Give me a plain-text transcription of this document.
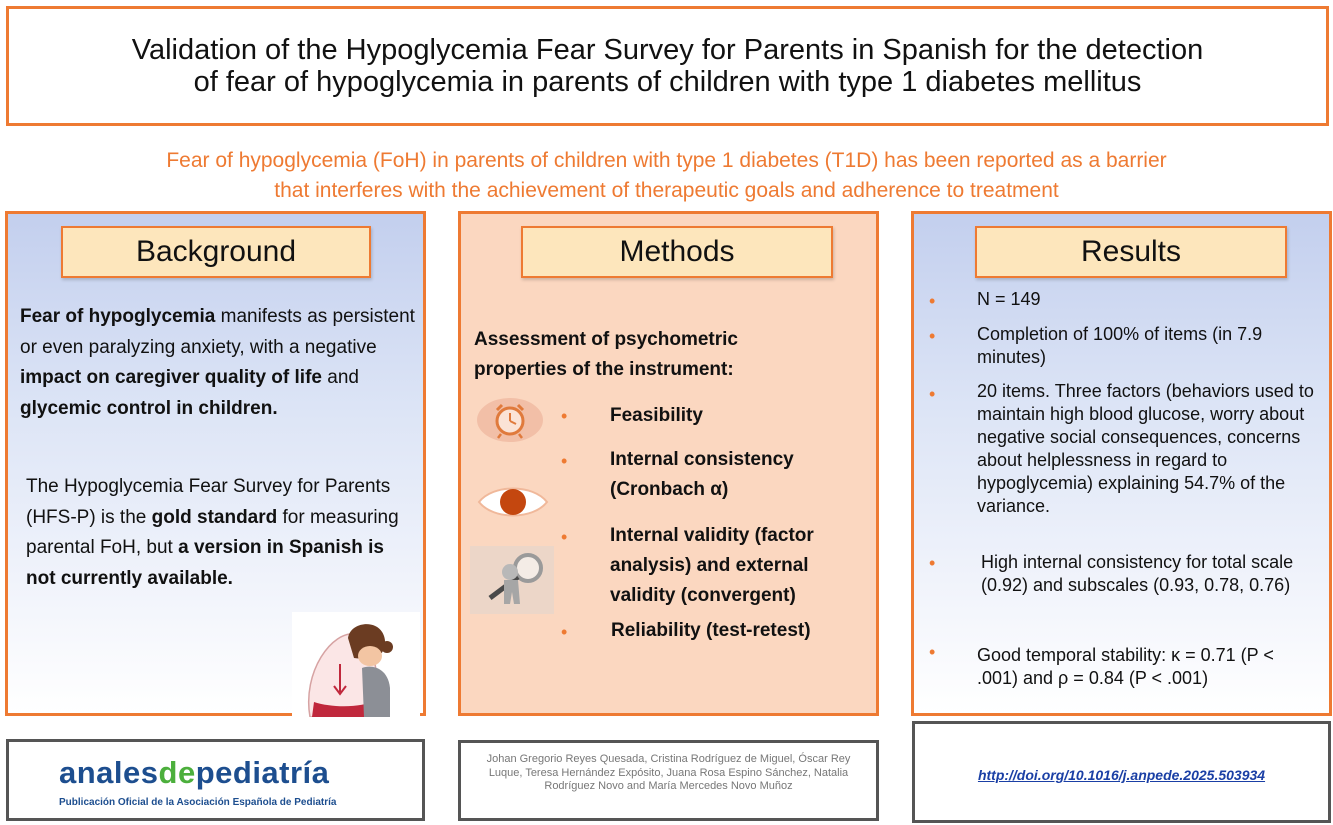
Validation of the Hypoglycemia Fear Survey for Parents in Spanish for the detection
of fear of hypoglycemia in parents of children with type 1 diabetes mellitus
Fear of hypoglycemia (FoH) in parents of children with type 1 diabetes (T1D) has been reported as a barrier
that interferes with the achievement of therapeutic goals and adherence to treatment
Background
Fear of hypoglycemia manifests as persistent or even paralyzing anxiety, with a negative impact on caregiver quality of life and glycemic control in children.
The Hypoglycemia Fear Survey for Parents (HFS-P) is the gold standard for measuring parental FoH, but a version in Spanish is not currently available.
Methods
Assessment of psychometric properties of the instrument:
• Feasibility
• Internal consistency
(Cronbach α)
• Internal validity (factor
analysis) and external
validity (convergent)
• Reliability (test-retest)
Results
• N = 149
• Completion of 100% of items (in 7.9 minutes)
• 20 items. Three factors (behaviors used to maintain high blood glucose, worry about negative social consequences, concerns about helplessness in regard to hypoglycemia) explaining 54.7% of the variance.
•	High internal consistency for total scale (0.92) and subscales (0.93, 0.78, 0.76)
• Good temporal stability: κ = 0.71 (P < .001) and ρ = 0.84 (P < .001)
analesdepediatría
Publicación Oficial de la Asociación Española de Pediatría
Johan Gregorio Reyes Quesada, Cristina Rodríguez de Miguel, Óscar Rey Luque, Teresa Hernández Expósito, Juana Rosa Espino Sánchez, Natalia Rodríguez Novo and María Mercedes Novo Muñoz
http://doi.org/10.1016/j.anpede.2025.503934
